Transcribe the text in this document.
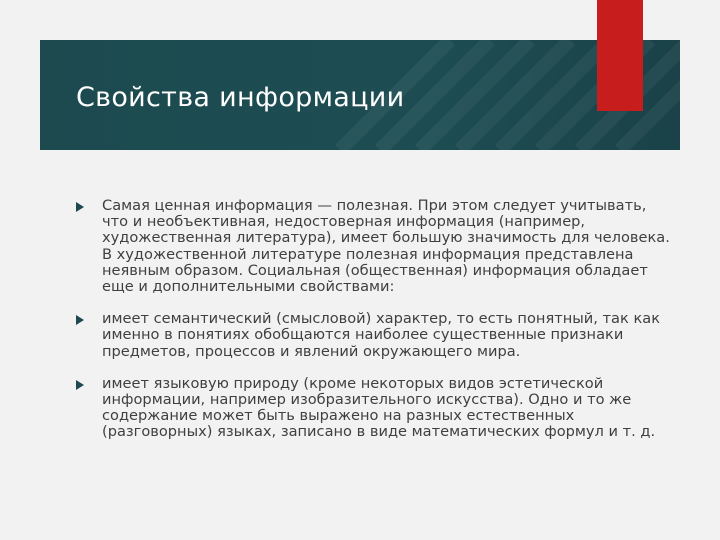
Свойства информации
Самая ценная информация — полезная. При этом следует учитывать, что и необъективная, недостоверная информация (например, художественная литература), имеет большую значимость для человека. В художественной литературе полезная информация представлена неявным образом. Социальная (общественная) информация обладает еще и дополнительными свойствами:
имеет семантический (смысловой) характер, то есть понятный, так как именно в понятиях обобщаются наиболее существенные признаки предметов, процессов и явлений окружающего мира.
имеет языковую природу (кроме некоторых видов эстетической информации, например изобразительного искусства). Одно и то же содержание может быть выражено на разных естественных (разговорных) языках, записано в виде математических формул и т. д.
